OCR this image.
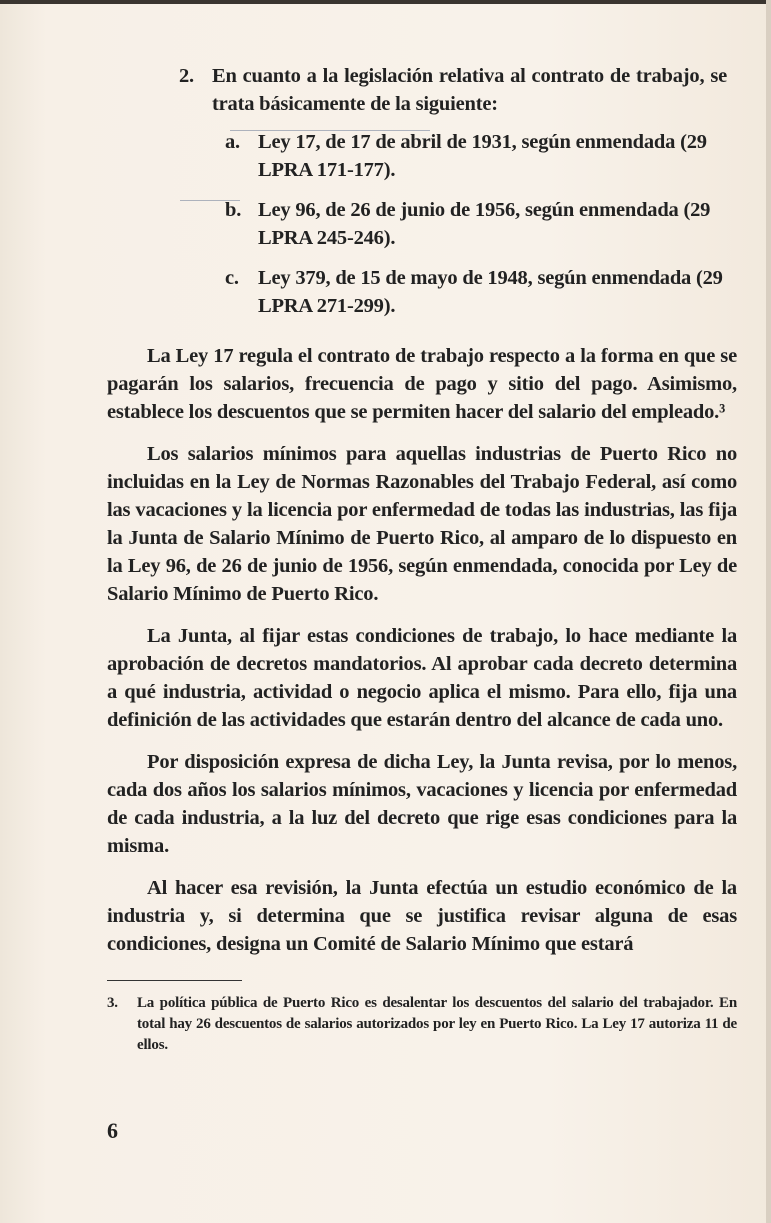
2. En cuanto a la legislación relativa al contrato de trabajo, se trata básicamente de la siguiente:
a. Ley 17, de 17 de abril de 1931, según enmendada (29 LPRA 171-177).
b. Ley 96, de 26 de junio de 1956, según enmendada (29 LPRA 245-246).
c. Ley 379, de 15 de mayo de 1948, según enmendada (29 LPRA 271-299).

La Ley 17 regula el contrato de trabajo respecto a la forma en que se pagarán los salarios, frecuencia de pago y sitio del pago. Asimismo, establece los descuentos que se permiten hacer del salario del empleado.³

Los salarios mínimos para aquellas industrias de Puerto Rico no incluidas en la Ley de Normas Razonables del Trabajo Federal, así como las vacaciones y la licencia por enfermedad de todas las industrias, las fija la Junta de Salario Mínimo de Puerto Rico, al amparo de lo dispuesto en la Ley 96, de 26 de junio de 1956, según enmendada, conocida por Ley de Salario Mínimo de Puerto Rico.

La Junta, al fijar estas condiciones de trabajo, lo hace mediante la aprobación de decretos mandatorios. Al aprobar cada decreto determina a qué industria, actividad o negocio aplica el mismo. Para ello, fija una definición de las actividades que estarán dentro del alcance de cada uno.

Por disposición expresa de dicha Ley, la Junta revisa, por lo menos, cada dos años los salarios mínimos, vacaciones y licencia por enfermedad de cada industria, a la luz del decreto que rige esas condiciones para la misma.

Al hacer esa revisión, la Junta efectúa un estudio económico de la industria y, si determina que se justifica revisar alguna de esas condiciones, designa un Comité de Salario Mínimo que estará

3.	La política pública de Puerto Rico es desalentar los descuentos del salario del trabajador. En total hay 26 descuentos de salarios autorizados por ley en Puerto Rico. La Ley 17 autoriza 11 de ellos.
6
